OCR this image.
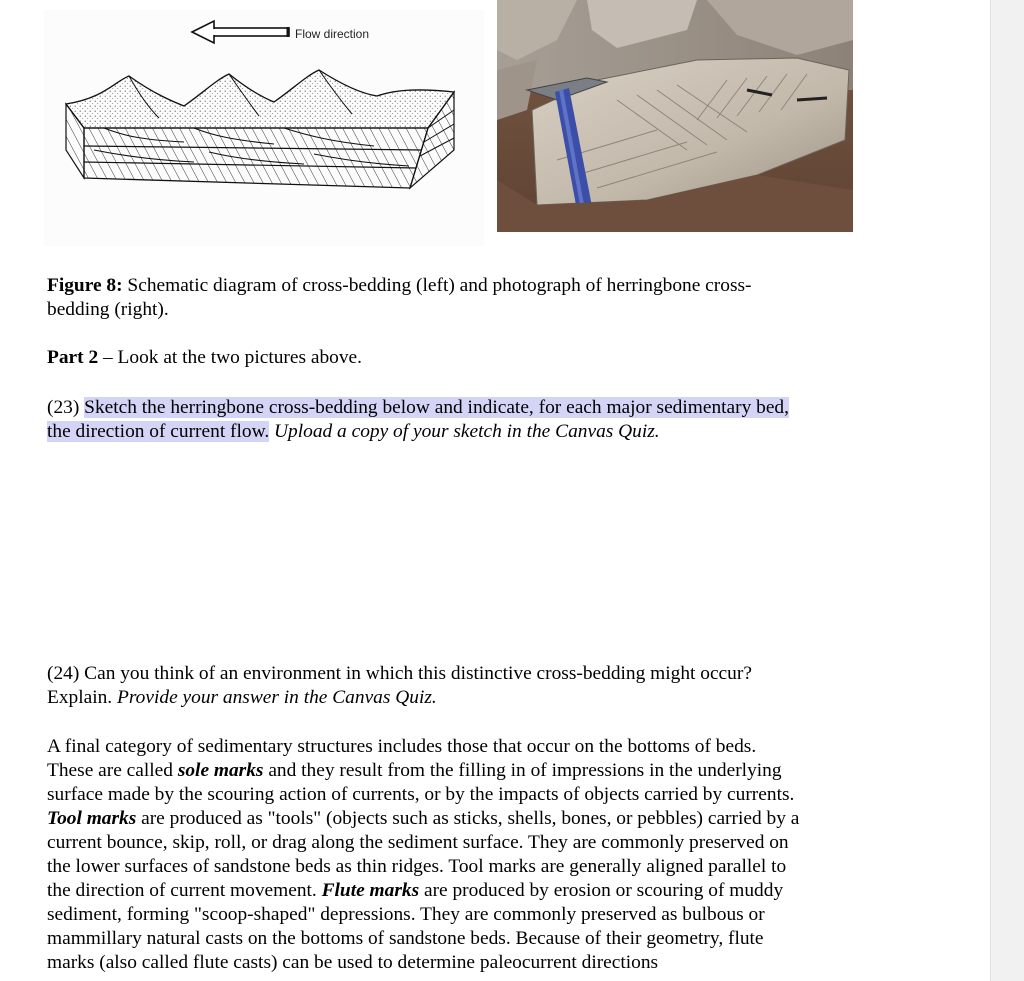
Flow direction
Figure 8: Schematic diagram of cross-bedding (left) and photograph of herringbone cross-
bedding (right).
Part 2 – Look at the two pictures above.
(23) Sketch the herringbone cross-bedding below and indicate, for each major sedimentary bed,
the direction of current flow. Upload a copy of your sketch in the Canvas Quiz.
(24) Can you think of an environment in which this distinctive cross-bedding might occur?
Explain. Provide your answer in the Canvas Quiz.
A final category of sedimentary structures includes those that occur on the bottoms of beds.
These are called sole marks and they result from the filling in of impressions in the underlying
surface made by the scouring action of currents, or by the impacts of objects carried by currents.
Tool marks are produced as "tools" (objects such as sticks, shells, bones, or pebbles) carried by a
current bounce, skip, roll, or drag along the sediment surface. They are commonly preserved on
the lower surfaces of sandstone beds as thin ridges. Tool marks are generally aligned parallel to
the direction of current movement. Flute marks are produced by erosion or scouring of muddy
sediment, forming "scoop-shaped" depressions. They are commonly preserved as bulbous or
mammillary natural casts on the bottoms of sandstone beds. Because of their geometry, flute
marks (also called flute casts) can be used to determine paleocurrent directions
